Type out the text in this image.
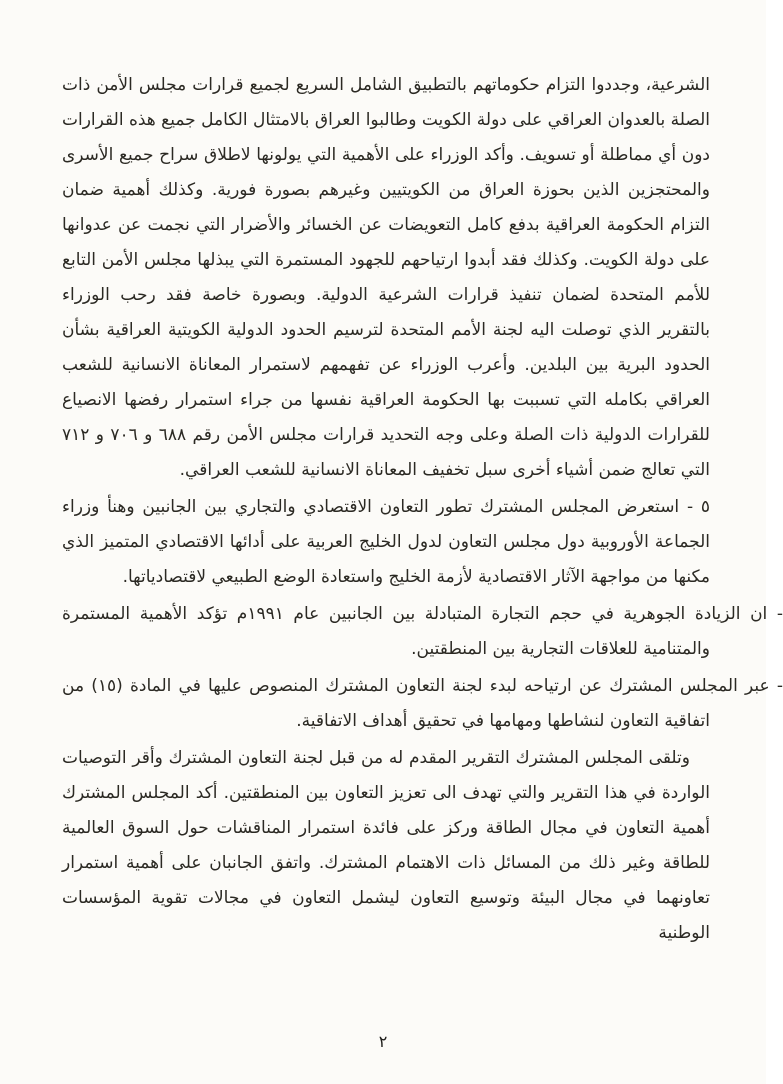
الشرعية، وجددوا التزام حكوماتهم بالتطبيق الشامل السريع لجميع قرارات مجلس الأمن ذات الصلة بالعدوان العراقي على دولة الكويت وطالبوا العراق بالامتثال الكامل جميع هذه القرارات دون أي مماطلة أو تسويف. وأكد الوزراء على الأهمية التي يولونها لاطلاق سراح جميع الأسرى والمحتجزين الذين بحوزة العراق من الكويتيين وغيرهم بصورة فورية. وكذلك أهمية ضمان التزام الحكومة العراقية بدفع كامل التعويضات عن الخسائر والأضرار التي نجمت عن عدوانها على دولة الكويت. وكذلك فقد أبدوا ارتياحهم للجهود المستمرة التي يبذلها مجلس الأمن التابع للأمم المتحدة لضمان تنفيذ قرارات الشرعية الدولية. وبصورة خاصة فقد رحب الوزراء بالتقرير الذي توصلت اليه لجنة الأمم المتحدة لترسيم الحدود الدولية الكويتية العراقية بشأن الحدود البرية بين البلدين. وأعرب الوزراء عن تفهمهم لاستمرار المعاناة الانسانية للشعب العراقي بكامله التي تسببت بها الحكومة العراقية نفسها من جراء استمرار رفضها الانصياع للقرارات الدولية ذات الصلة وعلى وجه التحديد قرارات مجلس الأمن رقم ٦٨٨ و ٧٠٦ و ٧١٢ التي تعالج ضمن أشياء أخرى سبل تخفيف المعاناة الانسانية للشعب العراقي.

٥ - استعرض المجلس المشترك تطور التعاون الاقتصادي والتجاري بين الجانبين وهنأ وزراء الجماعة الأوروبية دول مجلس التعاون لدول الخليج العربية على أدائها الاقتصادي المتميز الذي مكنها من مواجهة الآثار الاقتصادية لأزمة الخليج واستعادة الوضع الطبيعي لاقتصادياتها.
- ان الزيادة الجوهرية في حجم التجارة المتبادلة بين الجانبين عام ١٩٩١م تؤكد الأهمية المستمرة والمتنامية للعلاقات التجارية بين المنطقتين.
- عبر المجلس المشترك عن ارتياحه لبدء لجنة التعاون المشترك المنصوص عليها في المادة (١٥) من اتفاقية التعاون لنشاطها ومهامها في تحقيق أهداف الاتفاقية.

وتلقى المجلس المشترك التقرير المقدم له من قبل لجنة التعاون المشترك وأقر التوصيات الواردة في هذا التقرير والتي تهدف الى تعزيز التعاون بين المنطقتين. أكد المجلس المشترك أهمية التعاون في مجال الطاقة وركز على فائدة استمرار المناقشات حول السوق العالمية للطاقة وغير ذلك من المسائل ذات الاهتمام المشترك. واتفق الجانبان على أهمية استمرار تعاونهما في مجال البيئة وتوسيع التعاون ليشمل التعاون في مجالات تقوية المؤسسات الوطنية

٢
